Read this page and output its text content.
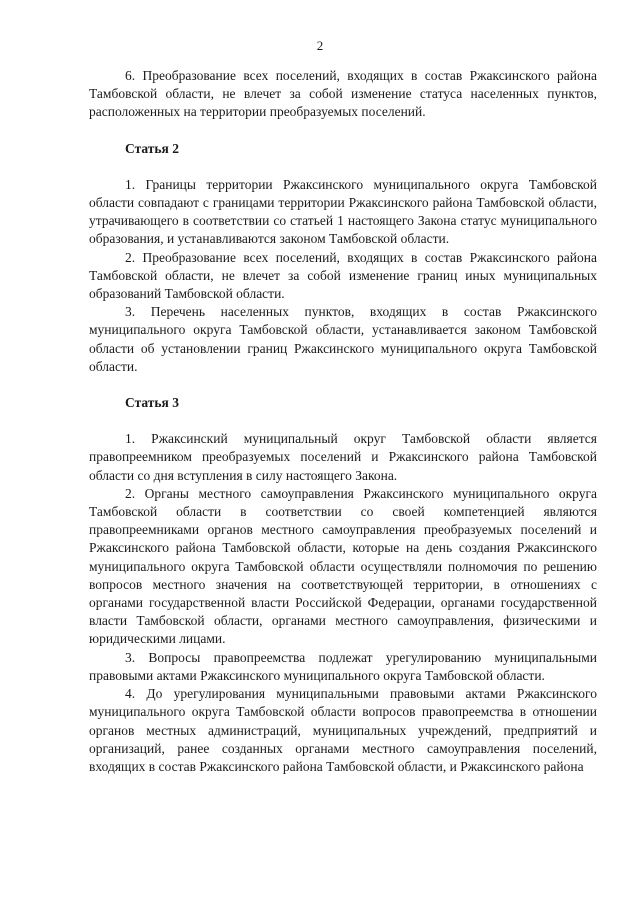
2

6. Преобразование всех поселений, входящих в состав Ржаксинского района Тамбовской области, не влечет за собой изменение статуса населенных пунктов, расположенных на территории преобразуемых поселений.

Статья 2

1. Границы территории Ржаксинского муниципального округа Тамбовской области совпадают с границами территории Ржаксинского района Тамбовской области, утрачивающего в соответствии со статьей 1 настоящего Закона статус муниципального образования, и устанавливаются законом Тамбовской области.

2. Преобразование всех поселений, входящих в состав Ржаксинского района Тамбовской области, не влечет за собой изменение границ иных муниципальных образований Тамбовской области.

3. Перечень населенных пунктов, входящих в состав Ржаксинского муниципального округа Тамбовской области, устанавливается законом Тамбовской области об установлении границ Ржаксинского муниципального округа Тамбовской области.

Статья 3

1. Ржаксинский муниципальный округ Тамбовской области является правопреемником преобразуемых поселений и Ржаксинского района Тамбовской области со дня вступления в силу настоящего Закона.

2. Органы местного самоуправления Ржаксинского муниципального округа Тамбовской области в соответствии со своей компетенцией являются правопреемниками органов местного самоуправления преобразуемых поселений и Ржаксинского района Тамбовской области, которые на день создания Ржаксинского муниципального округа Тамбовской области осуществляли полномочия по решению вопросов местного значения на соответствующей территории, в отношениях с органами государственной власти Российской Федерации, органами государственной власти Тамбовской области, органами местного самоуправления, физическими и юридическими лицами.

3. Вопросы правопреемства подлежат урегулированию муниципальными правовыми актами Ржаксинского муниципального округа Тамбовской области.

4. До урегулирования муниципальными правовыми актами Ржаксинского муниципального округа Тамбовской области вопросов правопреемства в отношении органов местных администраций, муниципальных учреждений, предприятий и организаций, ранее созданных органами местного самоуправления поселений, входящих в состав Ржаксинского района Тамбовской области, и Ржаксинского района
